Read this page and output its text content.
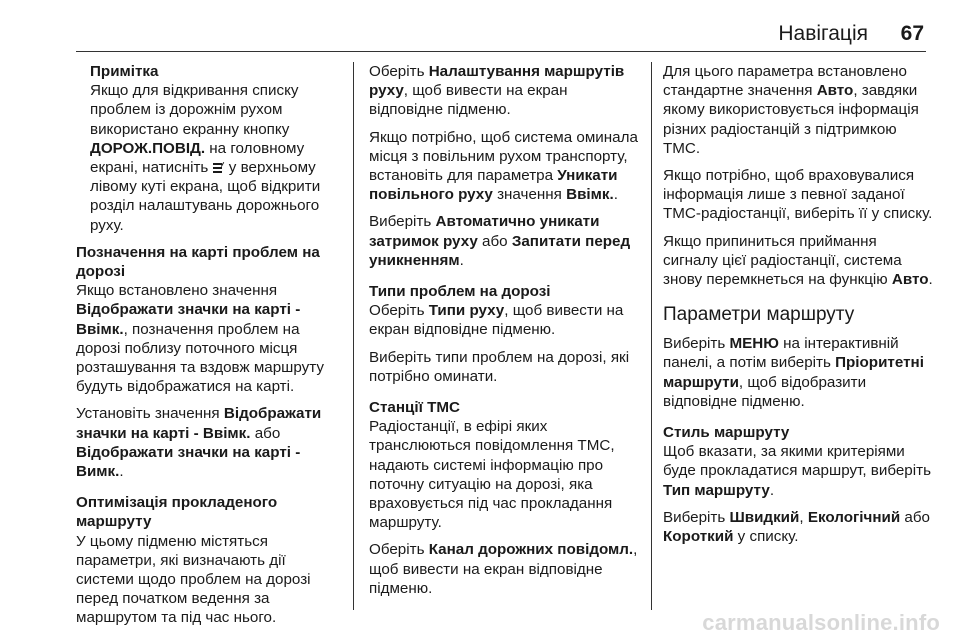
Навігація 67
Примітка

Якщо для відкривання списку проблем із дорожнім рухом використано екранну кнопку ДОРОЖ.ПОВІД. на головному екрані, натисніть
у верхньому лівому куті екрана, щоб відкрити розділ налаштувань дорожнього руху.

Позначення на карті проблем на дорозі

Якщо встановлено значення Відображати значки на карті - Ввімк., позначення проблем на дорозі поблизу поточного місця розташування та вздовж маршруту будуть відображатися на карті.

Установіть значення Відображати значки на карті - Ввімк. або Відображати значки на карті - Вимк..

Оптимізація прокладеного маршруту

У цьому підменю містяться параметри, які визначають дії системи щодо проблем на дорозі перед початком ведення за маршрутом та під час нього.

Оберіть Налаштування маршрутів руху, щоб вивести на екран відповідне підменю.

Якщо потрібно, щоб система оминала місця з повільним рухом транспорту, встановіть для параметра Уникати повільного руху значення Ввімк..

Виберіть Автоматично уникати затримок руху або Запитати перед уникненням.

Типи проблем на дорозі

Оберіть Типи руху, щоб вивести на екран відповідне підменю.

Виберіть типи проблем на дорозі, які потрібно оминати.

Станції TMC

Радіостанції, в ефірі яких транслюються повідомлення TMC, надають системі інформацію про поточну ситуацію на дорозі, яка враховується під час прокладання маршруту.

Оберіть Канал дорожних повідомл., щоб вивести на екран відповідне підменю.

Для цього параметра встановлено стандартне значення Авто, завдяки якому використовується інформація різних радіостанцій з підтримкою TMC.

Якщо потрібно, щоб враховувалися інформація лише з певної заданої TMC-радіостанції, виберіть її у списку.

Якщо припиниться приймання сигналу цієї радіостанції, система знову перемкнеться на функцію Авто.

Параметри маршруту

Виберіть МЕНЮ на інтерактивній панелі, а потім виберіть Пріоритетні маршрути, щоб відобразити відповідне підменю.

Стиль маршруту

Щоб вказати, за якими критеріями буде прокладатися маршрут, виберіть Тип маршруту.

Виберіть Швидкий, Екологічний або Короткий у списку.

carmanualsonline.info
